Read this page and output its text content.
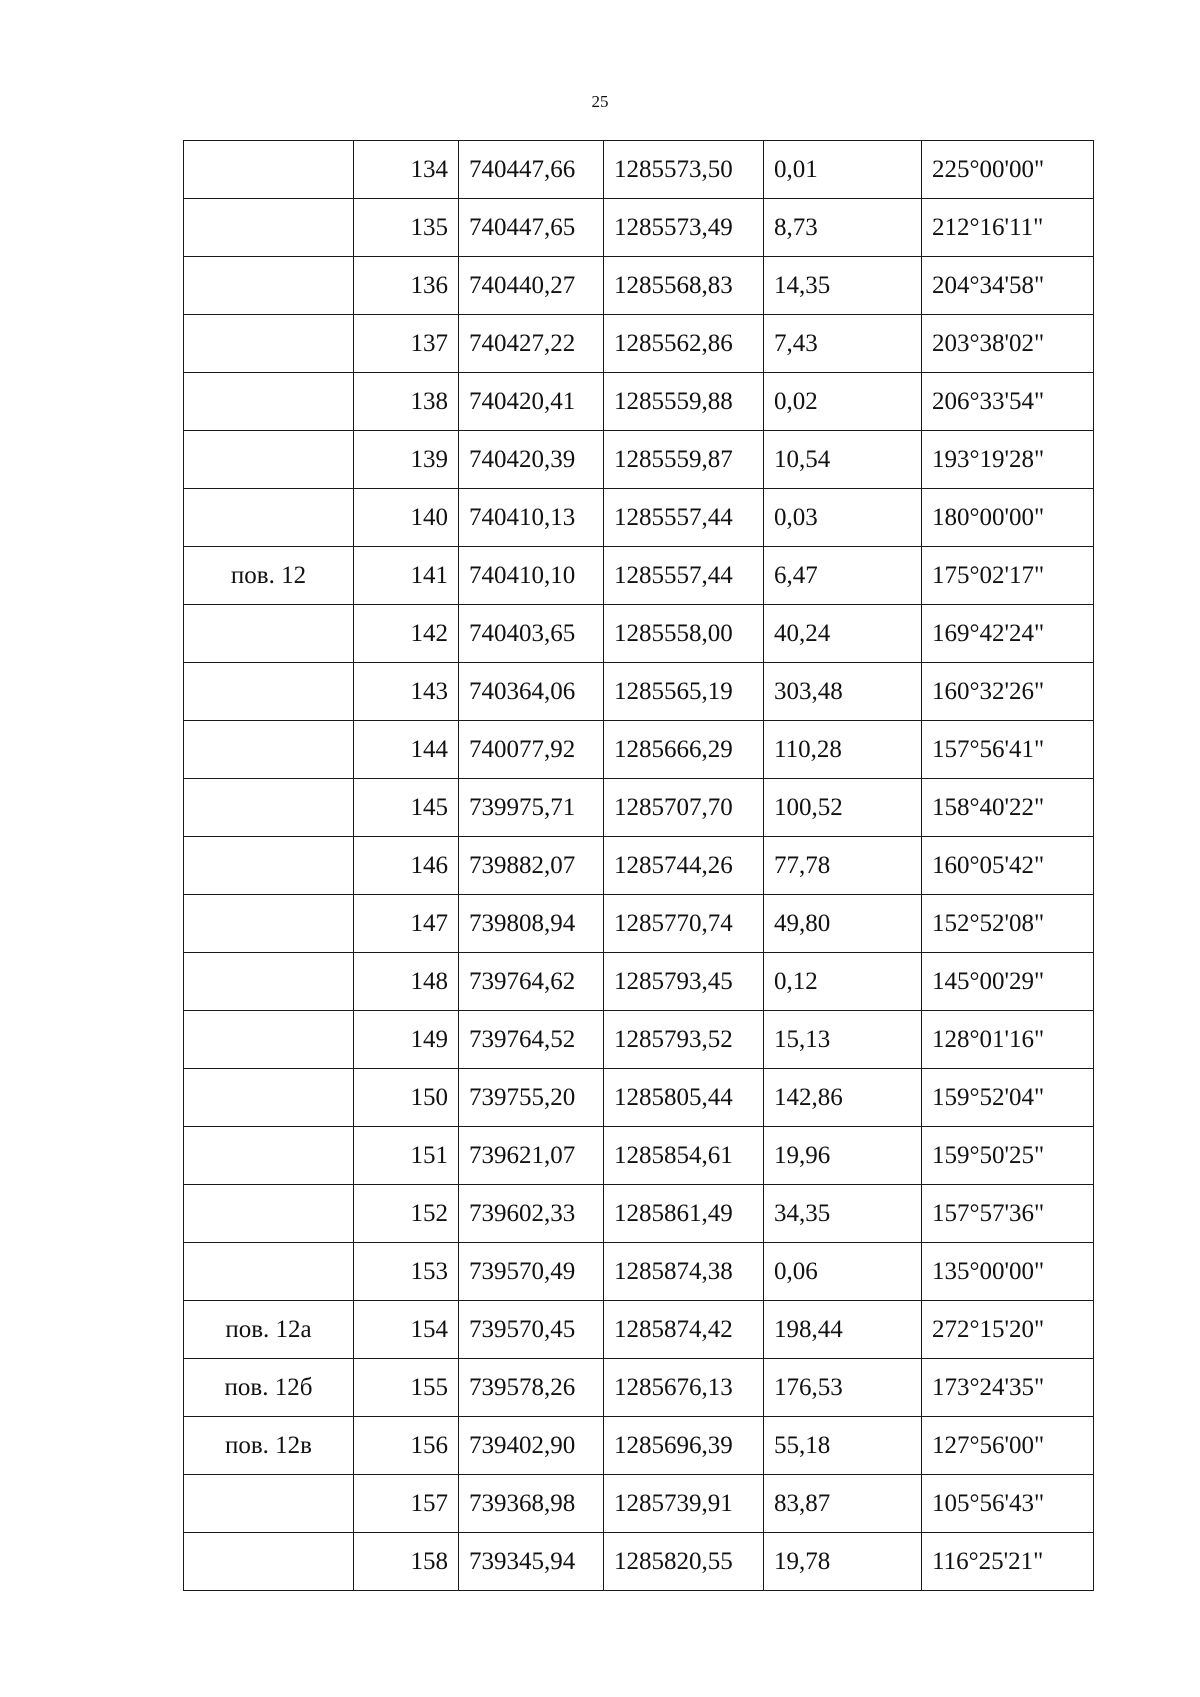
25
	134	740447,66	1285573,50	0,01	225°00'00"
	135	740447,65	1285573,49	8,73	212°16'11"
	136	740440,27	1285568,83	14,35	204°34'58"
	137	740427,22	1285562,86	7,43	203°38'02"
	138	740420,41	1285559,88	0,02	206°33'54"
	139	740420,39	1285559,87	10,54	193°19'28"
	140	740410,13	1285557,44	0,03	180°00'00"
пов. 12	141	740410,10	1285557,44	6,47	175°02'17"
	142	740403,65	1285558,00	40,24	169°42'24"
	143	740364,06	1285565,19	303,48	160°32'26"
	144	740077,92	1285666,29	110,28	157°56'41"
	145	739975,71	1285707,70	100,52	158°40'22"
	146	739882,07	1285744,26	77,78	160°05'42"
	147	739808,94	1285770,74	49,80	152°52'08"
	148	739764,62	1285793,45	0,12	145°00'29"
	149	739764,52	1285793,52	15,13	128°01'16"
	150	739755,20	1285805,44	142,86	159°52'04"
	151	739621,07	1285854,61	19,96	159°50'25"
	152	739602,33	1285861,49	34,35	157°57'36"
	153	739570,49	1285874,38	0,06	135°00'00"
пов. 12а	154	739570,45	1285874,42	198,44	272°15'20"
пов. 12б	155	739578,26	1285676,13	176,53	173°24'35"
пов. 12в	156	739402,90	1285696,39	55,18	127°56'00"
	157	739368,98	1285739,91	83,87	105°56'43"
	158	739345,94	1285820,55	19,78	116°25'21"
